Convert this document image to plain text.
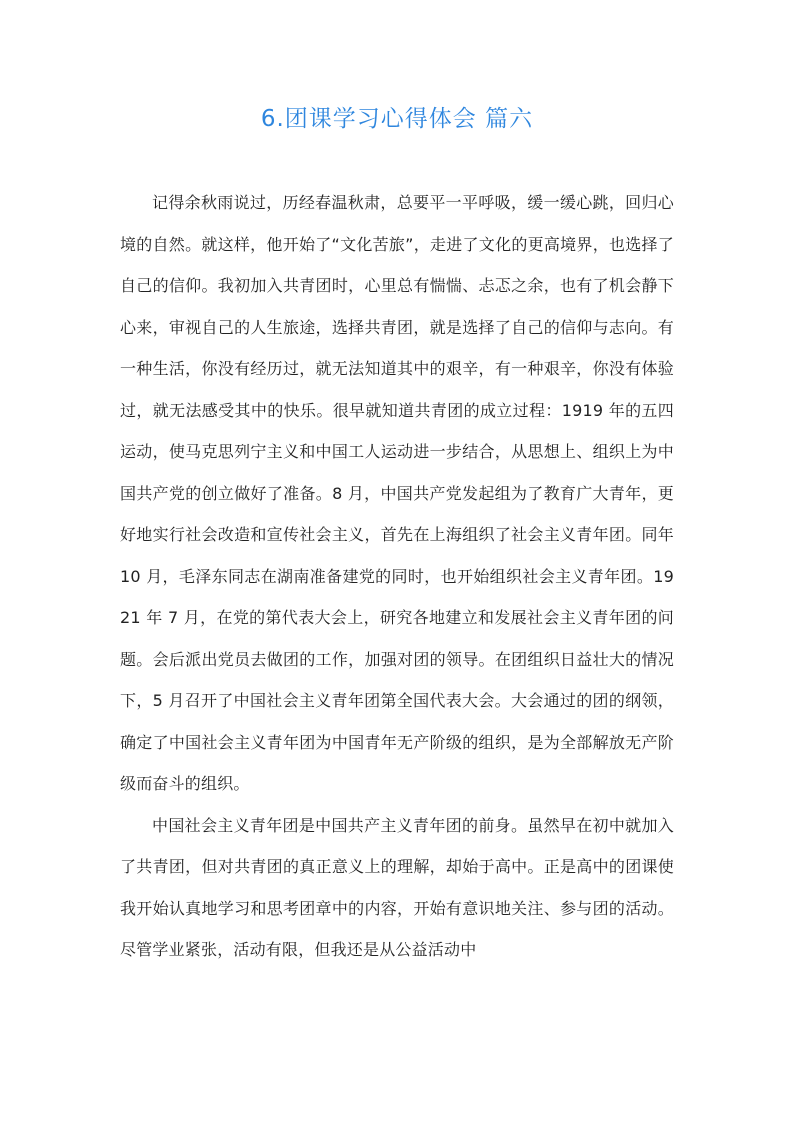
6.团课学习心得体会 篇六

记得余秋雨说过，历经春温秋肃，总要平一平呼吸，缓一缓心跳，回归心境的自然。就这样，他开始了“文化苦旅”，走进了文化的更高境界，也选择了自己的信仰。我初加入共青团时，心里总有惴惴、忐忑之余，也有了机会静下心来，审视自己的人生旅途，选择共青团，就是选择了自己的信仰与志向。有一种生活，你没有经历过，就无法知道其中的艰辛，有一种艰辛，你没有体验过，就无法感受其中的快乐。很早就知道共青团的成立过程：1919 年的五四运动，使马克思列宁主义和中国工人运动进一步结合，从思想上、组织上为中国共产党的创立做好了准备。8 月，中国共产党发起组为了教育广大青年，更好地实行社会改造和宣传社会主义，首先在上海组织了社会主义青年团。同年 10 月，毛泽东同志在湖南准备建党的同时，也开始组织社会主义青年团。1921 年 7 月，在党的第代表大会上，研究各地建立和发展社会主义青年团的问题。会后派出党员去做团的工作，加强对团的领导。在团组织日益壮大的情况下，5 月召开了中国社会主义青年团第全国代表大会。大会通过的团的纲领，确定了中国社会主义青年团为中国青年无产阶级的组织，是为全部解放无产阶级而奋斗的组织。

中国社会主义青年团是中国共产主义青年团的前身。虽然早在初中就加入了共青团，但对共青团的真正意义上的理解，却始于高中。正是高中的团课使我开始认真地学习和思考团章中的内容，开始有意识地关注、参与团的活动。尽管学业紧张，活动有限，但我还是从公益活动中
